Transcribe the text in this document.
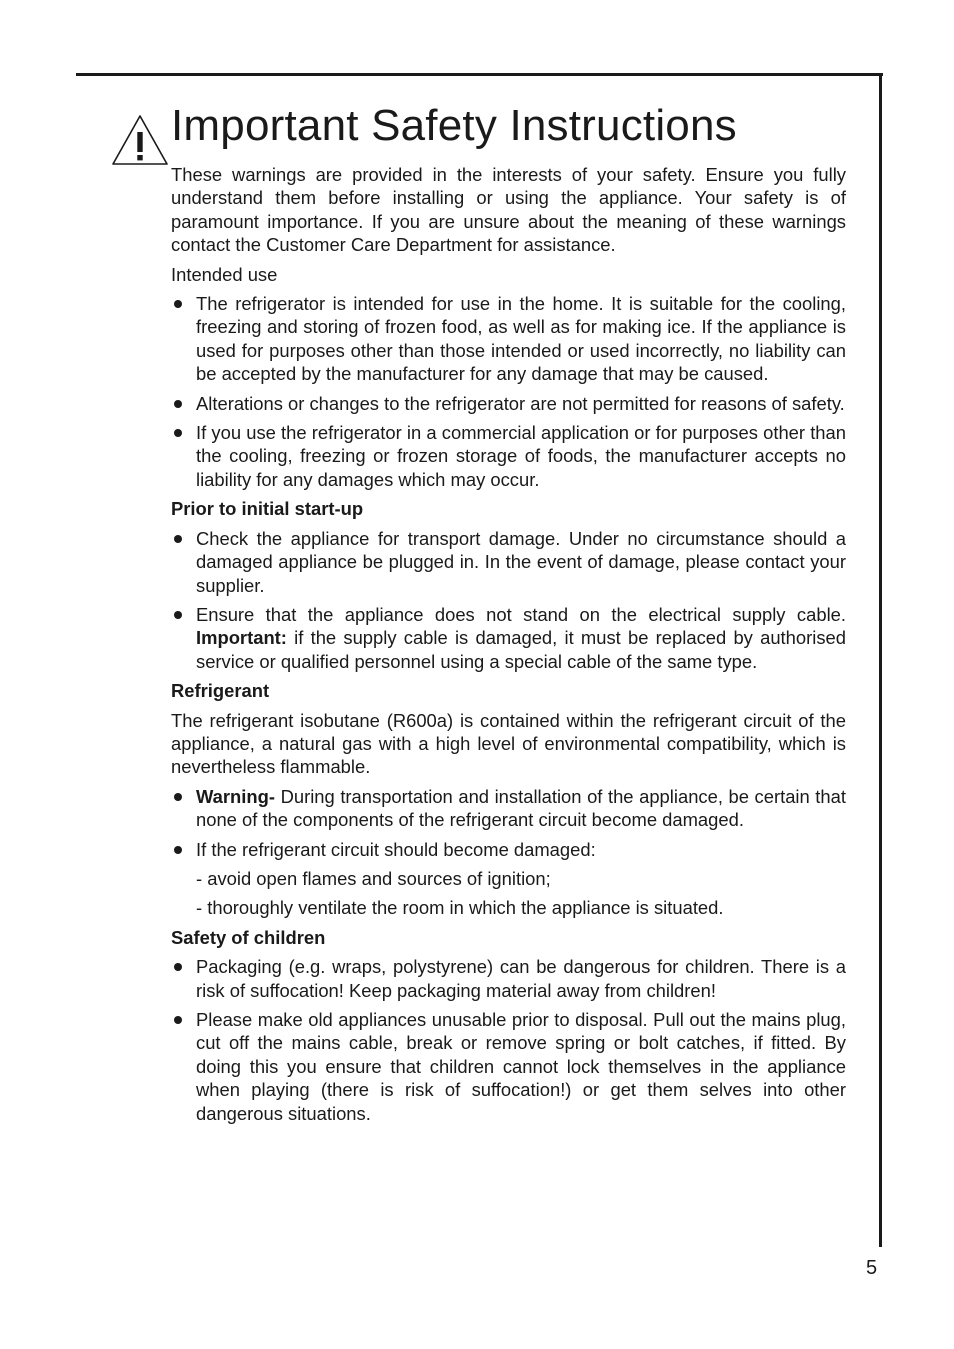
Important Safety Instructions

These warnings are provided in the interests of your safety. Ensure you fully understand them before installing or using the appliance. Your safety is of paramount importance. If you are unsure about the meaning of these warnings contact the Customer Care Department for assistance.

Intended use
The refrigerator is intended for use in the home. It is suitable for the cooling, freezing and storing of frozen food, as well as for making ice. If the appliance is used for purposes other than those intended or used incorrectly, no liability can be accepted by the manufacturer for any damage that may be caused.
Alterations or changes to the refrigerator are not permitted for reasons of safety.
If you use the refrigerator in a commercial application or for purposes other than the cooling, freezing or frozen storage of foods, the manufacturer accepts no liability for any damages which may occur.
Prior to initial start-up
Check the appliance for transport damage. Under no circumstance should a damaged appliance be plugged in. In the event of damage, please contact your supplier.
Ensure that the appliance does not stand on the electrical supply cable. Important: if the supply cable is damaged, it must be replaced by authorised service or qualified personnel using a special cable of the same type.
Refrigerant

The refrigerant isobutane (R600a) is contained within the refrigerant circuit of the appliance, a natural gas with a high level of environmental compatibility, which is nevertheless flammable.

Warning- During transportation and installation of the appliance, be certain that none of the components of the refrigerant circuit become damaged.
If the refrigerant circuit should become damaged:
- avoid open flames and sources of ignition;
- thoroughly ventilate the room in which the appliance is situated.
Safety of children
Packaging (e.g. wraps, polystyrene) can be dangerous for children. There is a risk of suffocation! Keep packaging material away from children!
Please make old appliances unusable prior to disposal. Pull out the mains plug, cut off the mains cable, break or remove spring or bolt catches, if fitted. By doing this you ensure that children cannot lock themselves in the appliance when playing (there is risk of suffocation!) or get them selves into other dangerous situations.
5
